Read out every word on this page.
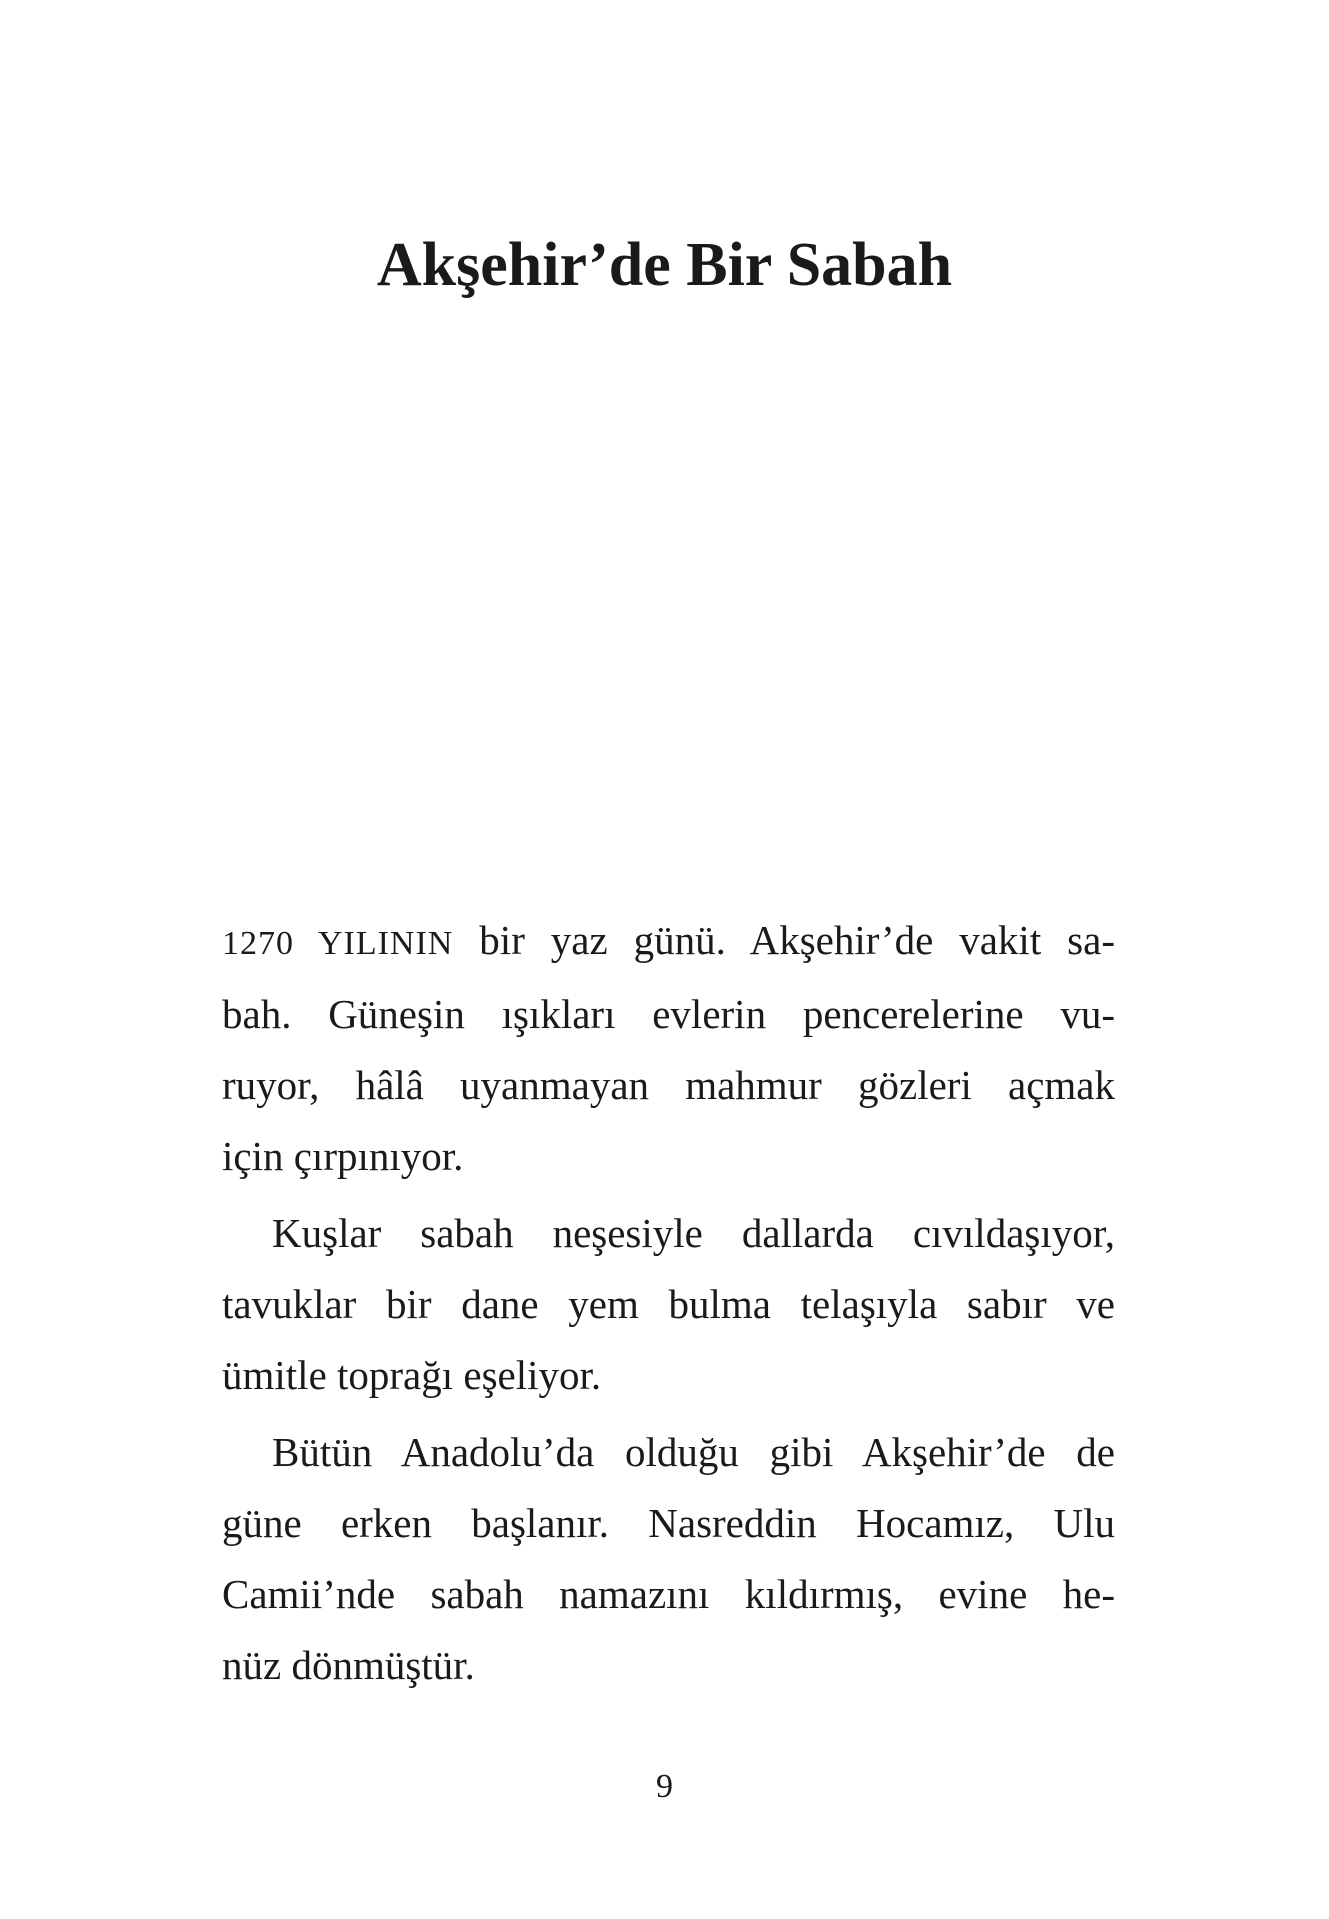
Akşehir’de Bir Sabah
1270 YILININ bir yaz günü. Akşehir’de vakit sa-
bah. Güneşin ışıkları evlerin pencerelerine vu-
ruyor, hâlâ uyanmayan mahmur gözleri açmak
için çırpınıyor.
Kuşlar sabah neşesiyle dallarda cıvıldaşıyor,
tavuklar bir dane yem bulma telaşıyla sabır ve
ümitle toprağı eşeliyor.
Bütün Anadolu’da olduğu gibi Akşehir’de de
güne erken başlanır. Nasreddin Hocamız, Ulu
Camii’nde sabah namazını kıldırmış, evine he-
nüz dönmüştür.

9
